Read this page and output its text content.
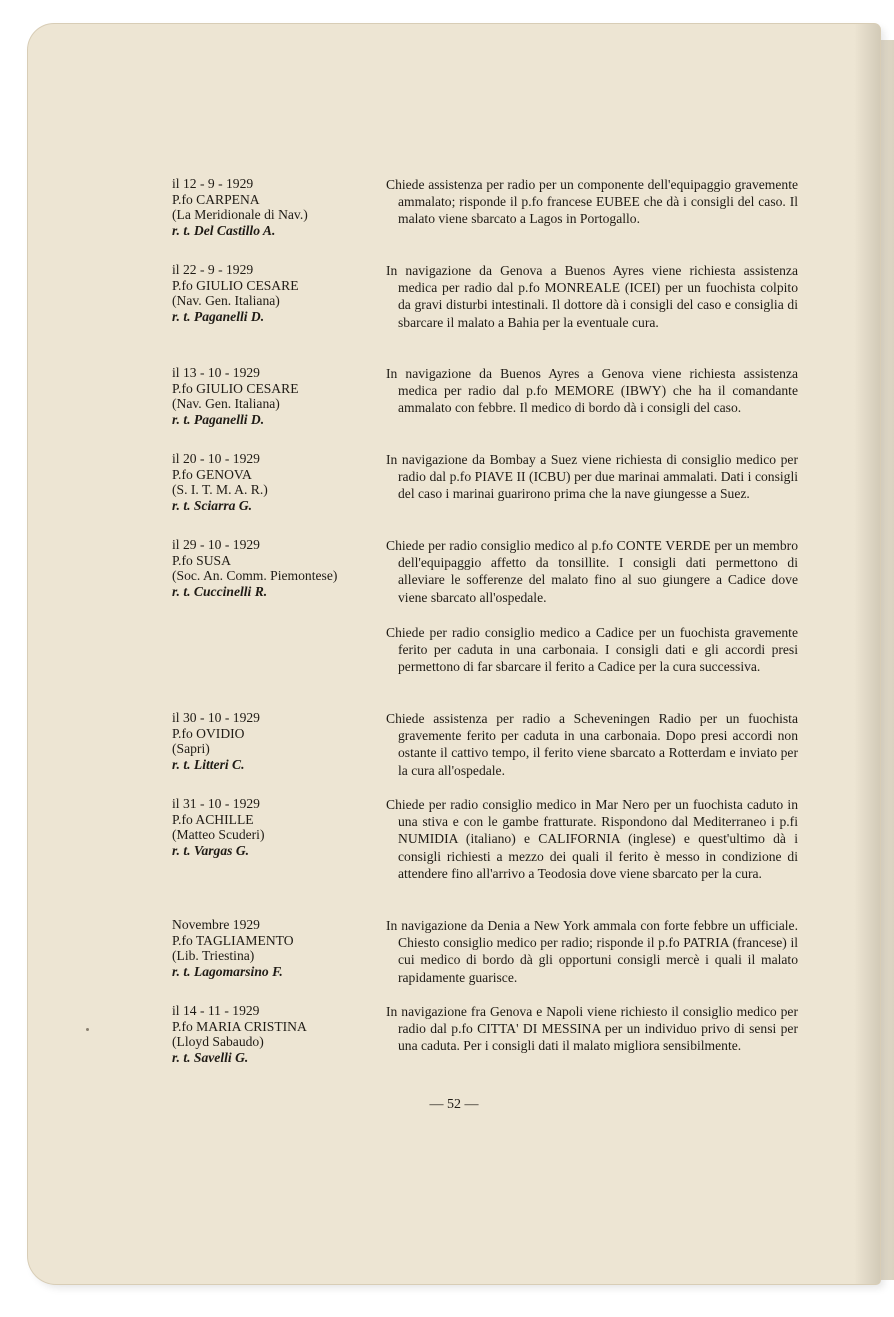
il 12 - 9 - 1929
P.fo CARPENA
(La Meridionale di Nav.)
r. t. Del Castillo A.
Chiede assistenza per radio per un componente dell'equipaggio gravemente ammalato; risponde il p.fo francese EUBEE che dà i consigli del caso. Il malato viene sbarcato a Lagos in Portogallo.
il 22 - 9 - 1929
P.fo GIULIO CESARE
(Nav. Gen. Italiana)
r. t. Paganelli D.
In navigazione da Genova a Buenos Ayres viene richiesta assistenza medica per radio dal p.fo MONREALE (ICEI) per un fuochista colpito da gravi disturbi intestinali. Il dottore dà i consigli del caso e consiglia di sbarcare il malato a Bahia per la eventuale cura.
il 13 - 10 - 1929
P.fo GIULIO CESARE
(Nav. Gen. Italiana)
r. t. Paganelli D.
In navigazione da Buenos Ayres a Genova viene richiesta assistenza medica per radio dal p.fo MEMORE (IBWY) che ha il comandante ammalato con febbre. Il medico di bordo dà i consigli del caso.
il 20 - 10 - 1929
P.fo GENOVA
(S. I. T. M. A. R.)
r. t. Sciarra G.
In navigazione da Bombay a Suez viene richiesta di consiglio medico per radio dal p.fo PIAVE II (ICBU) per due marinai ammalati. Dati i consigli del caso i marinai guarirono prima che la nave giungesse a Suez.
il 29 - 10 - 1929
P.fo SUSA
(Soc. An. Comm. Piemontese)
r. t. Cuccinelli R.
Chiede per radio consiglio medico al p.fo CONTE VERDE per un membro dell'equipaggio affetto da tonsillite. I consigli dati permettono di alleviare le sofferenze del malato fino al suo giungere a Cadice dove viene sbarcato all'ospedale.
Chiede per radio consiglio medico a Cadice per un fuochista gravemente ferito per caduta in una carbonaia. I consigli dati e gli accordi presi permettono di far sbarcare il ferito a Cadice per la cura successiva.
il 30 - 10 - 1929
P.fo OVIDIO
(Sapri)
r. t. Litteri C.
Chiede assistenza per radio a Scheveningen Radio per un fuochista gravemente ferito per caduta in una carbonaia. Dopo presi accordi non ostante il cattivo tempo, il ferito viene sbarcato a Rotterdam e inviato per la cura all'ospedale.
il 31 - 10 - 1929
P.fo ACHILLE
(Matteo Scuderi)
r. t. Vargas G.
Chiede per radio consiglio medico in Mar Nero per un fuochista caduto in una stiva e con le gambe fratturate. Rispondono dal Mediterraneo i p.fi NUMIDIA (italiano) e CALIFORNIA (inglese) e quest'ultimo dà i consigli richiesti a mezzo dei quali il ferito è messo in condizione di attendere fino all'arrivo a Teodosia dove viene sbarcato per la cura.
Novembre 1929
P.fo TAGLIAMENTO
(Lib. Triestina)
r. t. Lagomarsino F.
In navigazione da Denia a New York ammala con forte febbre un ufficiale. Chiesto consiglio medico per radio; risponde il p.fo PATRIA (francese) il cui medico di bordo dà gli opportuni consigli mercè i quali il malato rapidamente guarisce.
il 14 - 11 - 1929
P.fo MARIA CRISTINA
(Lloyd Sabaudo)
r. t. Savelli G.
In navigazione fra Genova e Napoli viene richiesto il consiglio medico per radio dal p.fo CITTA' DI MESSINA per un individuo privo di sensi per una caduta. Per i consigli dati il malato migliora sensibilmente.
— 52 —
